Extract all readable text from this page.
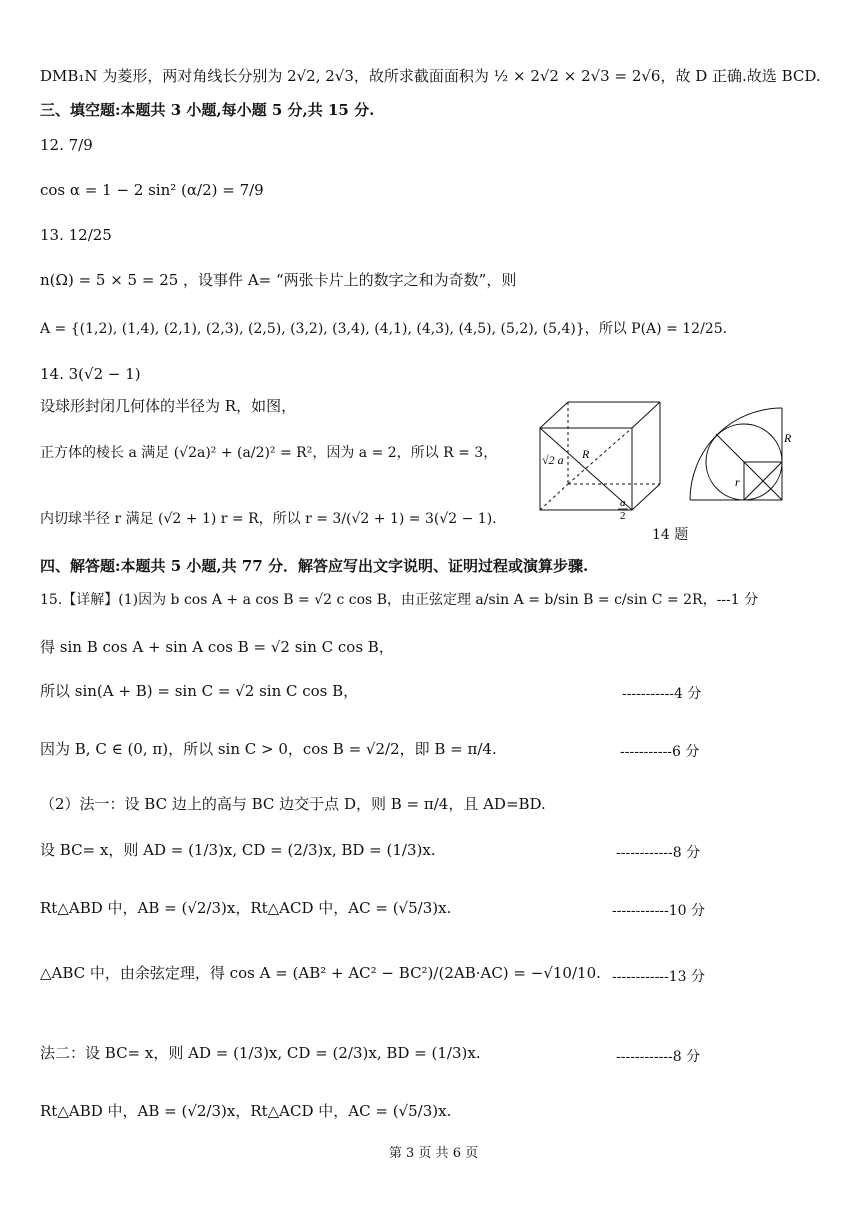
DMB₁N 为菱形，两对角线长分别为 2√2, 2√3，故所求截面面积为 ½ × 2√2 × 2√3 = 2√6，故 D 正确.故选 BCD.
三、填空题:本题共 3 小题,每小题 5 分,共 15 分.
12. 7/9
cos α = 1 − 2 sin² (α/2) = 7/9
13. 12/25
n(Ω) = 5 × 5 = 25 ，设事件 A= “两张卡片上的数字之和为奇数”，则
A = {(1,2), (1,4), (2,1), (2,3), (2,5), (3,2), (3,4), (4,1), (4,3), (4,5), (5,2), (5,4)}，所以 P(A) = 12/25.
14. 3(√2 − 1)
设球形封闭几何体的半径为 R，如图，
正方体的棱长 a 满足 (√2a)² + (a/2)² = R²，因为 a = 2，所以 R = 3，
内切球半径 r 满足 (√2 + 1) r = R，所以 r = 3/(√2 + 1) = 3(√2 − 1).
四、解答题:本题共 5 小题,共 77 分．解答应写出文字说明、证明过程或演算步骤.
15.【详解】(1)因为 b cos A + a cos B = √2 c cos B，由正弦定理 a/sin A = b/sin B = c/sin C = 2R，---1 分
得 sin B cos A + sin A cos B = √2 sin C cos B，
所以 sin(A + B) = sin C = √2 sin C cos B，
因为 B, C ∈ (0, π)，所以 sin C > 0，cos B = √2/2，即 B = π/4.
（2）法一：设 BC 边上的高与 BC 边交于点 D，则 B = π/4，且 AD=BD.
设 BC= x，则 AD = (1/3)x, CD = (2/3)x, BD = (1/3)x.
Rt△ABD 中，AB = (√2/3)x，Rt△ACD 中，AC = (√5/3)x.
△ABC 中，由余弦定理，得 cos A = (AB² + AC² − BC²)/(2AB·AC) = −√10/10.
法二：设 BC= x，则 AD = (1/3)x, CD = (2/3)x, BD = (1/3)x.
Rt△ABD 中，AB = (√2/3)x，Rt△ACD 中，AC = (√5/3)x.
-----------4 分
-----------6 分
------------8 分
------------10 分
------------13 分
------------8 分
√2 a R
a
2
R
r
14 题
第 3 页 共 6 页
